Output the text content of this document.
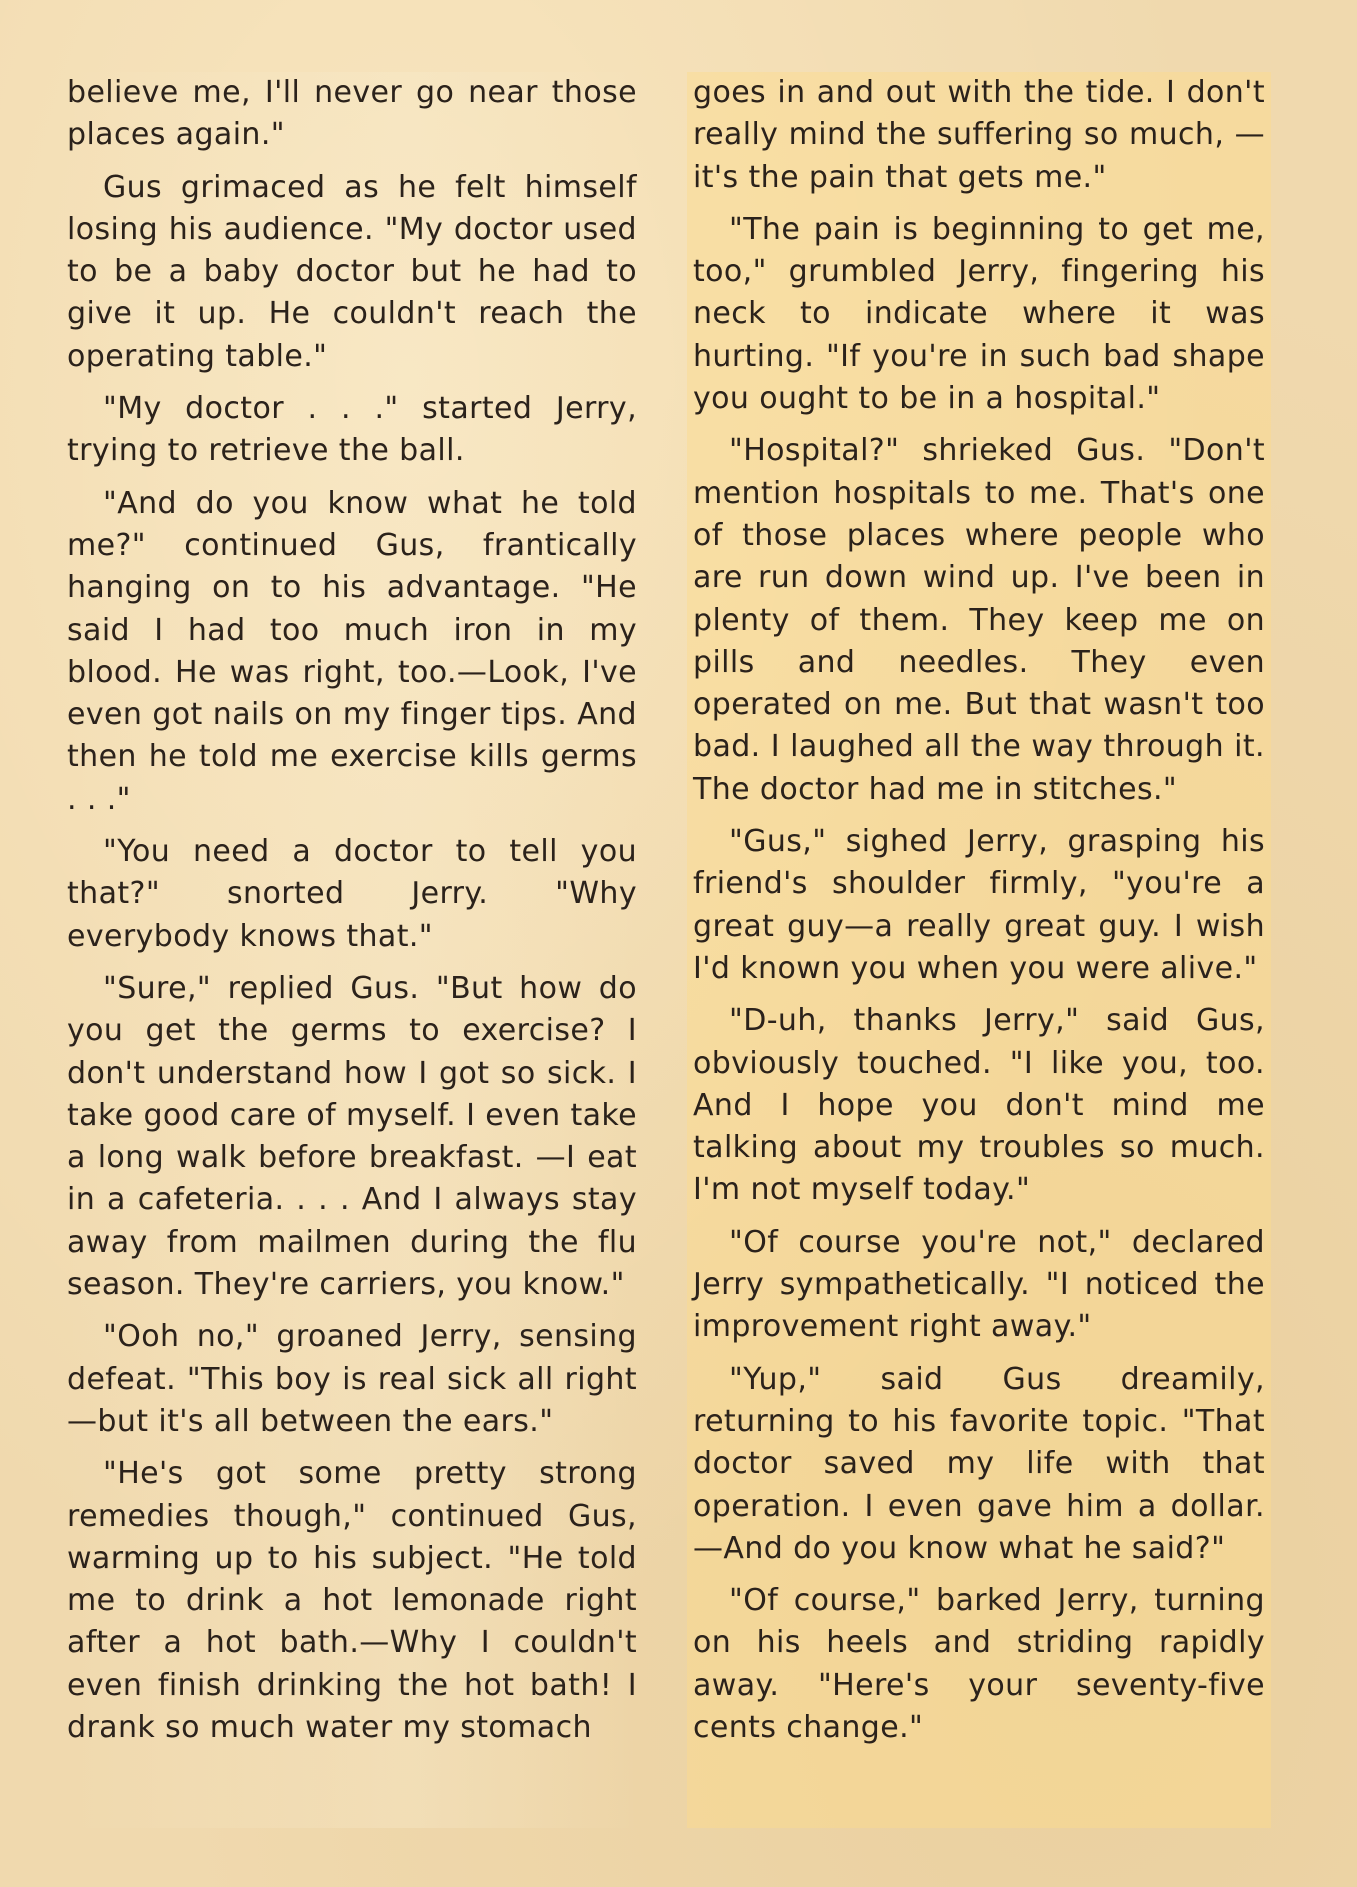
believe me, I'll never go near those places again."

Gus grimaced as he felt himself losing his audience. "My doctor used to be a baby doctor but he had to give it up. He couldn't reach the operating table."

"My doctor . . ." started Jerry, trying to retrieve the ball.

"And do you know what he told me?" continued Gus, frantically hanging on to his advantage. "He said I had too much iron in my blood. He was right, too.—Look, I've even got nails on my finger tips. And then he told me exercise kills germs . . ."

"You need a doctor to tell you that?" snorted Jerry. "Why everybody knows that."

"Sure," replied Gus. "But how do you get the germs to exercise? I don't understand how I got so sick. I take good care of myself. I even take a long walk before breakfast. —I eat in a cafeteria. . . . And I always stay away from mailmen during the flu season. They're carriers, you know."

"Ooh no," groaned Jerry, sensing defeat. "This boy is real sick all right—but it's all between the ears."

"He's got some pretty strong remedies though," continued Gus, warming up to his subject. "He told me to drink a hot lemonade right after a hot bath.—Why I couldn't even finish drinking the hot bath! I drank so much water my stomach

goes in and out with the tide. I don't really mind the suffering so much, —it's the pain that gets me."

"The pain is beginning to get me, too," grumbled Jerry, fingering his neck to indicate where it was hurting. "If you're in such bad shape you ought to be in a hospital."

"Hospital?" shrieked Gus. "Don't mention hospitals to me. That's one of those places where people who are run down wind up. I've been in plenty of them. They keep me on pills and needles. They even operated on me. But that wasn't too bad. I laughed all the way through it. The doctor had me in stitches."

"Gus," sighed Jerry, grasping his friend's shoulder firmly, "you're a great guy—a really great guy. I wish I'd known you when you were alive."

"D-uh, thanks Jerry," said Gus, obviously touched. "I like you, too. And I hope you don't mind me talking about my troubles so much. I'm not myself today."

"Of course you're not," declared Jerry sympathetically. "I noticed the improvement right away."

"Yup," said Gus dreamily, returning to his favorite topic. "That doctor saved my life with that operation. I even gave him a dollar.—And do you know what he said?"

"Of course," barked Jerry, turning on his heels and striding rapidly away. "Here's your seventy-five cents change."
